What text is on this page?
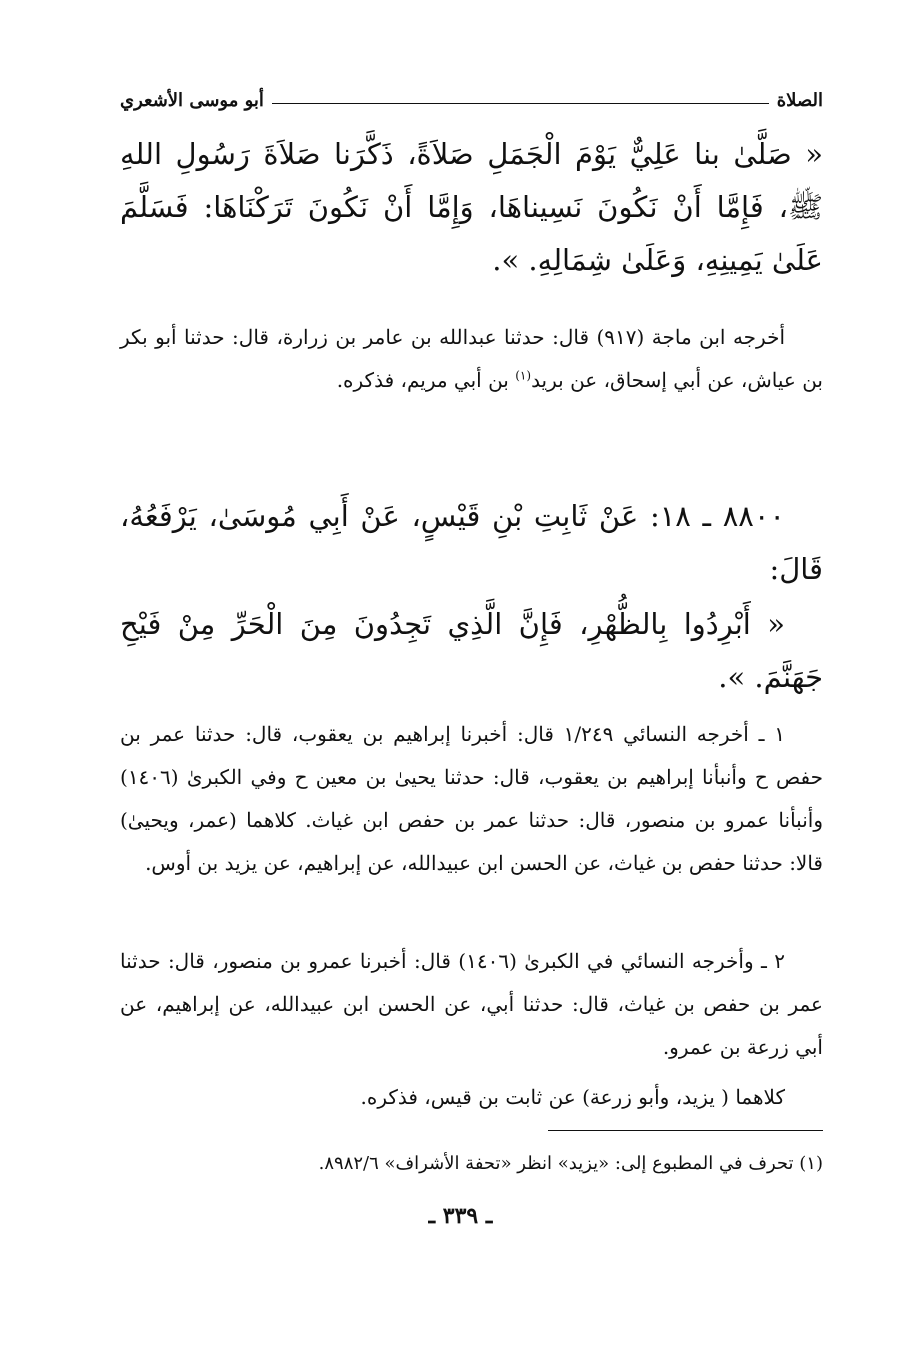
الصلاة
أبو موسى الأشعري
« صَلَّىٰ بنا عَلِيٌّ يَوْمَ الْجَمَلِ صَلاَةً، ذَكَّرَنا صَلاَةَ رَسُولِ اللهِ ﷺ، فَإِمَّا أَنْ نَكُونَ نَسِيناهَا، وَإِمَّا أَنْ نَكُونَ تَرَكْنَاهَا: فَسَلَّمَ عَلَىٰ يَمِينِهِ، وَعَلَىٰ شِمَالِهِ. ».
أخرجه ابن ماجة (٩١٧) قال: حدثنا عبدالله بن عامر بن زرارة، قال: حدثنا أبو بكر بن عياش، عن أبي إسحاق، عن بريد$^{(١)}$ بن أبي مريم، فذكره.
٨٨٠٠ ـ ١٨: عَنْ ثَابِتِ بْنِ قَيْسٍ، عَنْ أَبِي مُوسَىٰ، يَرْفَعُهُ، قَالَ:
« أَبْرِدُوا بِالظُّهْرِ، فَإِنَّ الَّذِي تَجِدُونَ مِنَ الْحَرِّ مِنْ فَيْحِ جَهَنَّمَ. ».
١ ـ أخرجه النسائي ١/٢٤٩ قال: أخبرنا إبراهيم بن يعقوب، قال: حدثنا عمر بن حفص ح وأنبأنا إبراهيم بن يعقوب، قال: حدثنا يحيىٰ بن معين ح وفي الكبرىٰ (١٤٠٦) وأنبأنا عمرو بن منصور، قال: حدثنا عمر بن حفص ابن غياث. كلاهما (عمر، ويحيىٰ) قالا: حدثنا حفص بن غياث، عن الحسن ابن عبيدالله، عن إبراهيم، عن يزيد بن أوس.
٢ ـ وأخرجه النسائي في الكبرىٰ (١٤٠٦) قال: أخبرنا عمرو بن منصور، قال: حدثنا عمر بن حفص بن غياث، قال: حدثنا أبي، عن الحسن ابن عبيدالله، عن إبراهيم، عن أبي زرعة بن عمرو.
كلاهما ( يزيد، وأبو زرعة) عن ثابت بن قيس، فذكره.
(١) تحرف في المطبوع إلى: «يزيد» انظر «تحفة الأشراف» ٨٩٨٢/٦.
ـ ٣٣٩ ـ
